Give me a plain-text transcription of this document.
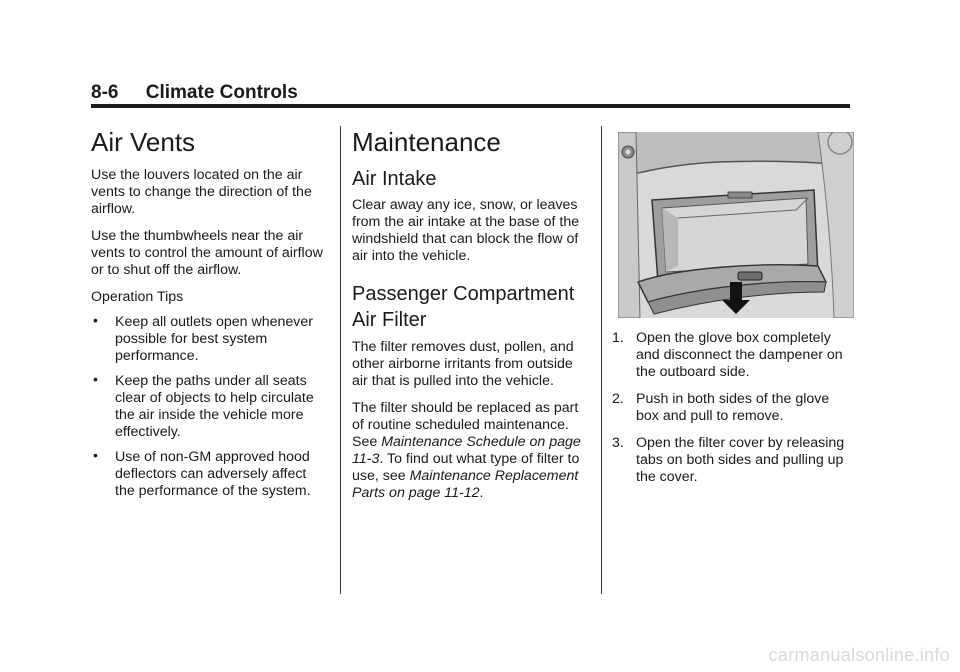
8-6 Climate Controls
Air Vents

Use the louvers located on the air vents to change the direction of the airflow.

Use the thumbwheels near the air vents to control the amount of airflow or to shut off the airflow.

Operation Tips

• Keep all outlets open whenever possible for best system performance.
• Keep the paths under all seats clear of objects to help circulate the air inside the vehicle more effectively.
• Use of non-GM approved hood deflectors can adversely affect the performance of the system.
Maintenance
Air Intake

Clear away any ice, snow, or leaves from the air intake at the base of the windshield that can block the flow of air into the vehicle.

Passenger Compartment Air Filter

The filter removes dust, pollen, and other airborne irritants from outside air that is pulled into the vehicle.

The filter should be replaced as part of routine scheduled maintenance. See Maintenance Schedule on page 11-3. To find out what type of filter to use, see Maintenance Replacement Parts on page 11-12.

1. Open the glove box completely and disconnect the dampener on the outboard side.
2. Push in both sides of the glove box and pull to remove.
3. Open the filter cover by releasing tabs on both sides and pulling up the cover.
carmanualsonline.info
